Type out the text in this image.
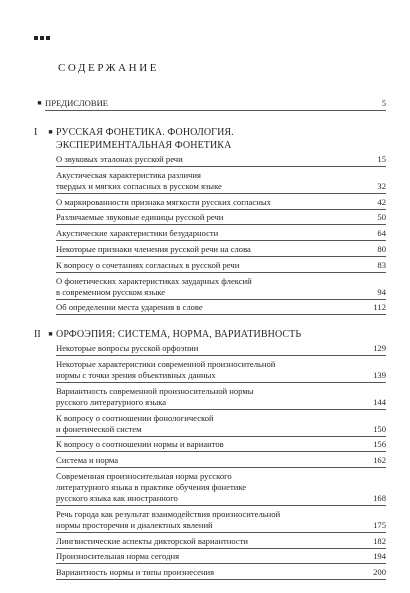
СОДЕРЖАНИЕ
■ ПРЕДИСЛОВИЕ	5
I	■ РУССКАЯ ФОНЕТИКА. ФОНОЛОГИЯ.
ЭКСПЕРИМЕНТАЛЬНАЯ ФОНЕТИКА
О звуковых эталонах русской речи	15
Акустическая характеристика различия
твердых и мягких согласных в русском языке	32
О маркированности признака мягкости русских согласных	42
Различаемые звуковые единицы русской речи	50
Акустические характеристики безударности	64
Некоторые признаки членения русской речи на слова	80
К вопросу о сочетаниях согласных в русской речи	83
О фонетических характеристиках заударных флексий
в современном русском языке	94
Об определении места ударения в слове	112
II	■ ОРФОЭПИЯ: СИСТЕМА, НОРМА, ВАРИАТИВНОСТЬ
Некоторые вопросы русской орфоэпии	129
Некоторые характеристики современной произносительной
нормы с точки зрения объективных данных	139
Вариантность современной произносительной нормы
русского литературного языка	144
К вопросу о соотношении фонологической
и фонетической систем	150
К вопросу о соотношении нормы и вариантов	156
Система и норма	162
Современная произносительная норма русского
литературного языка в практике обучения фонетике
русского языка как иностранного	168
Речь города как результат взаимодействия произносительной
нормы просторечия и диалектных явлений	175
Лингвистические аспекты дикторской вариантности	182
Произносительная норма сегодня	194
Вариантность нормы и типы произнесения	200
